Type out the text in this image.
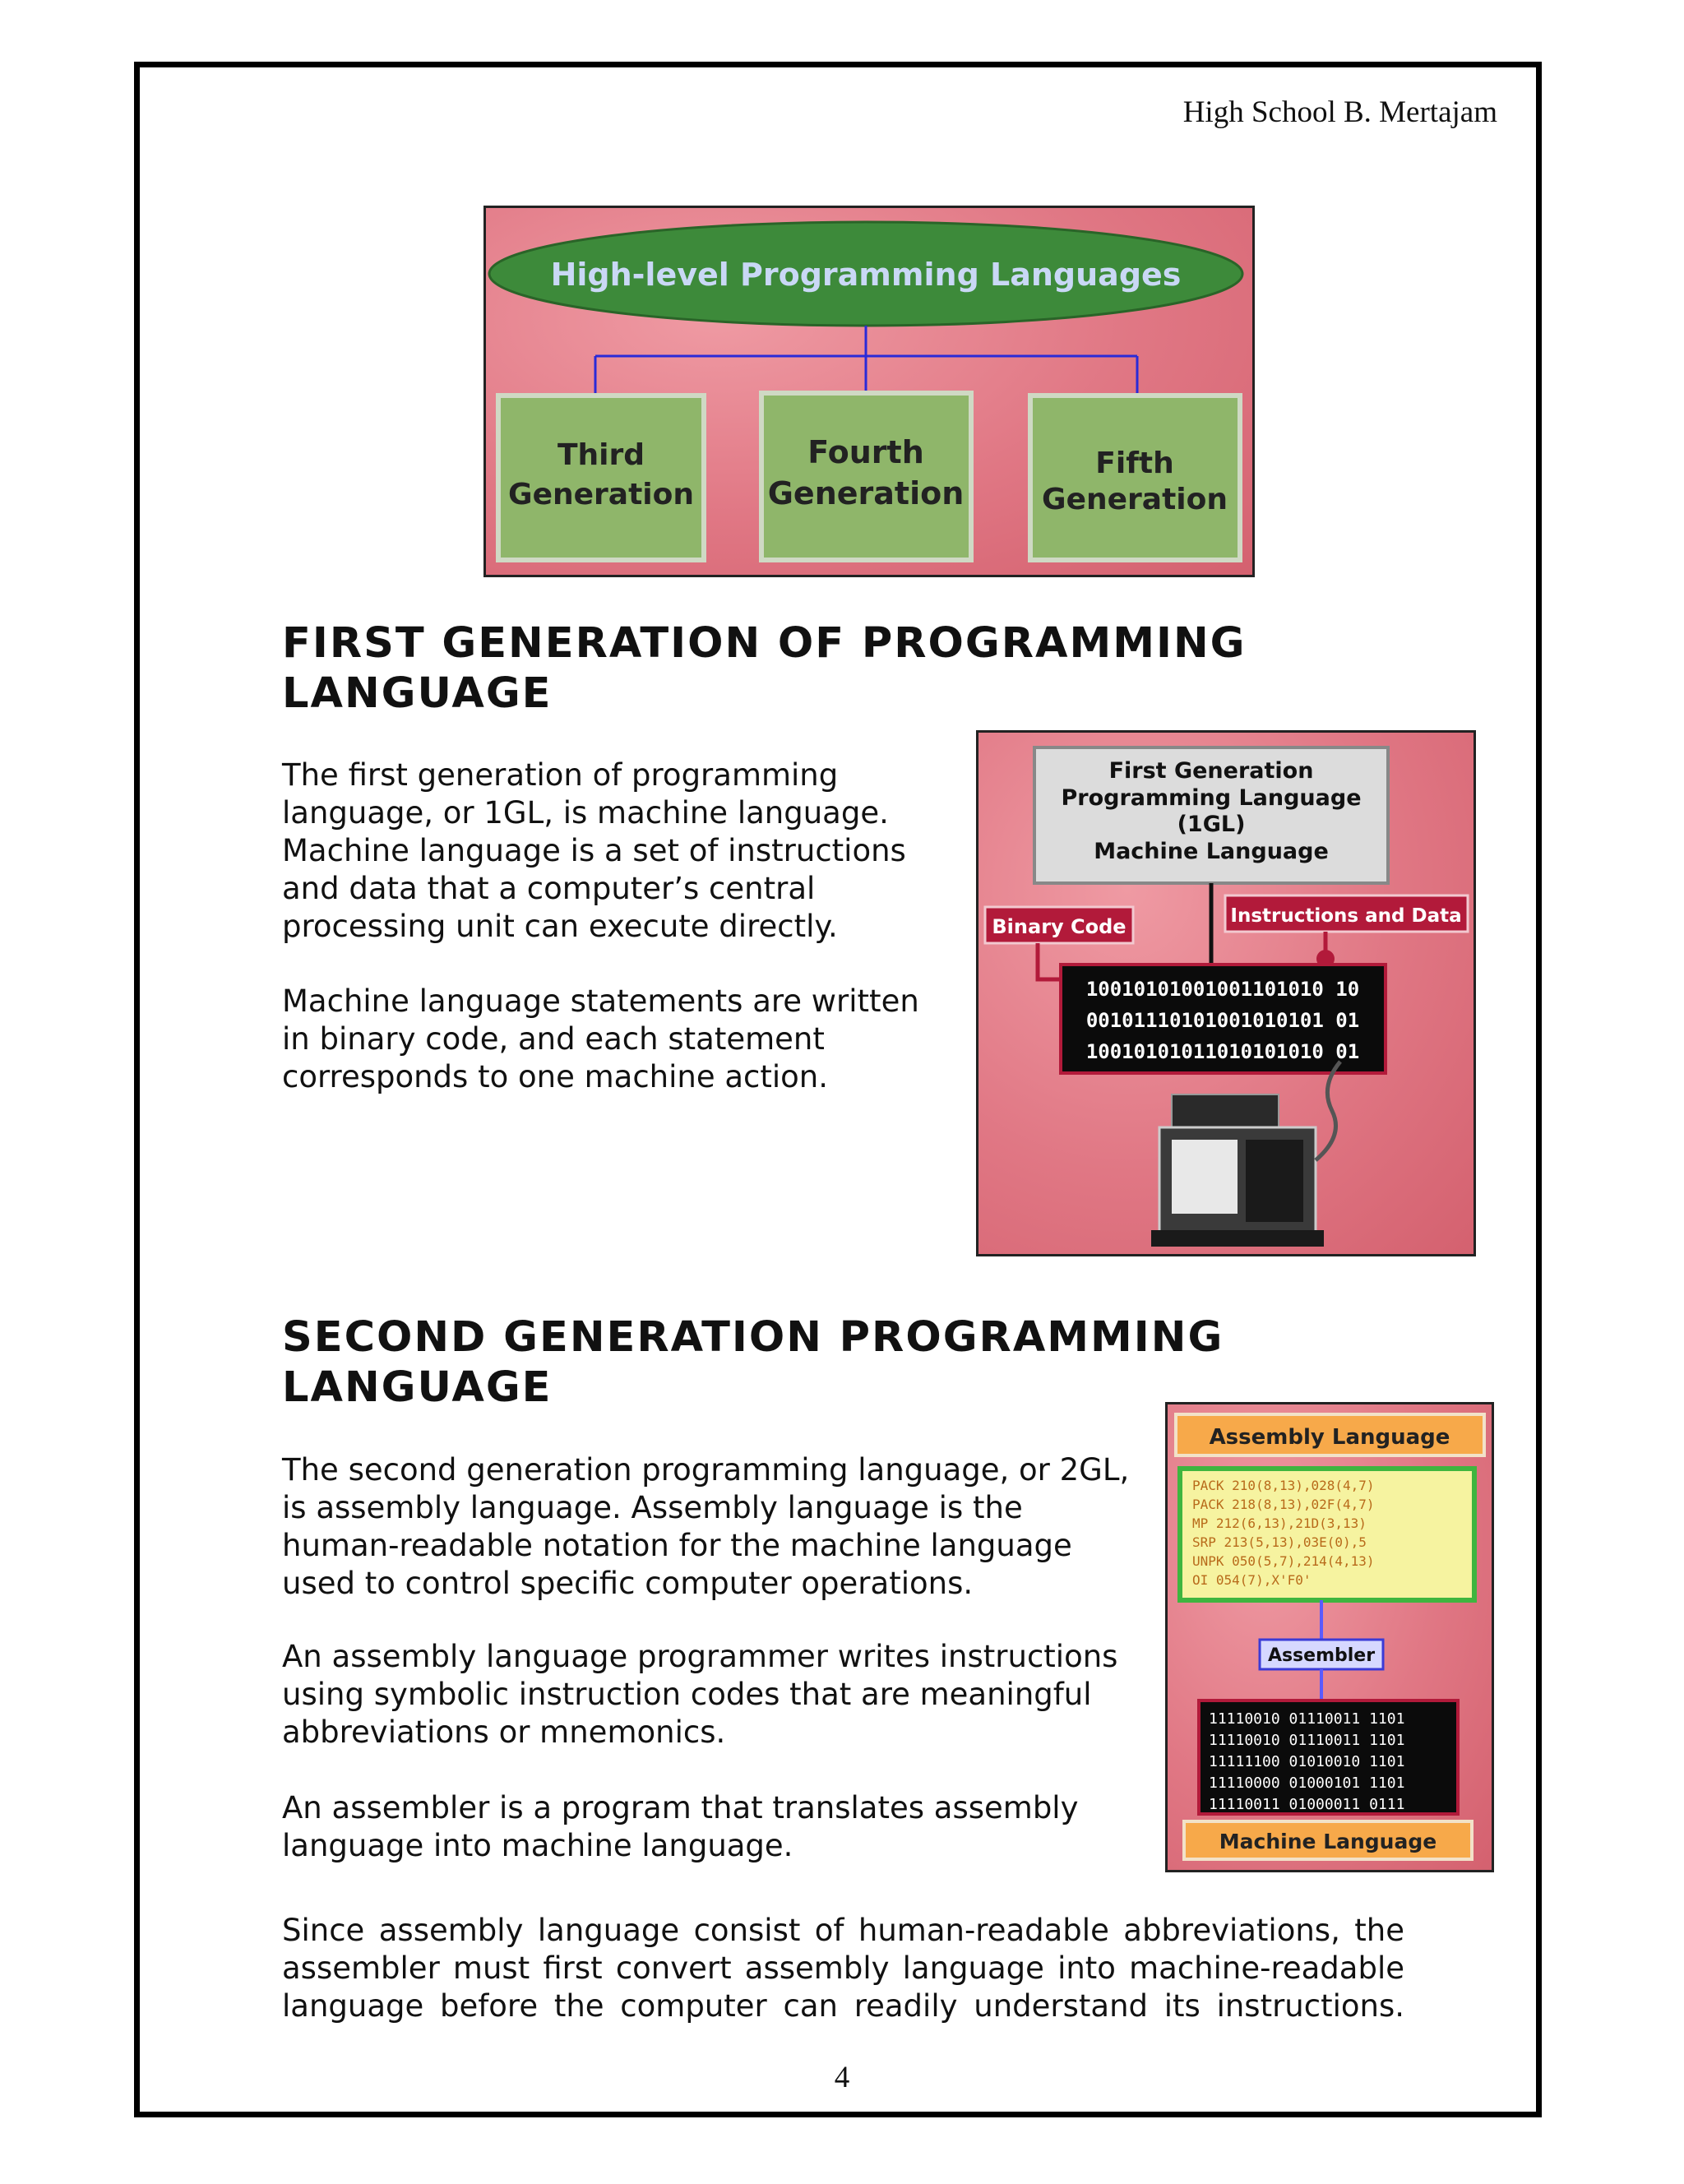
High School B. Mertajam
High-level Programming Languages
Third
Generation
Fourth
Generation
Fifth
Generation
FIRST GENERATION OF PROGRAMMING
LANGUAGE
The first generation of programming
language, or 1GL, is machine language.
Machine language is a set of instructions
and data that a computer’s central
processing unit can execute directly.
Machine language statements are written
in binary code, and each statement
corresponds to one machine action.
First Generation
Programming Language
(1GL)
Machine Language
Binary Code	Instructions and Data
10010101001001101010 10
00101110101001010101 01
10010101011010101010 01
SECOND GENERATION PROGRAMMING
LANGUAGE
The second generation programming language, or 2GL,
is assembly language. Assembly language is the
human-readable notation for the machine language
used to control specific computer operations.
An assembly language programmer writes instructions
using symbolic instruction codes that are meaningful
abbreviations or mnemonics.
An assembler is a program that translates assembly
language into machine language.
Since assembly language consist of human-readable abbreviations, the
assembler must first convert assembly language into machine-readable
language before the computer can readily understand its instructions.
Assembly Language
PACK 210(8,13),028(4,7)
PACK 218(8,13),02F(4,7)
MP 212(6,13),21D(3,13)
SRP 213(5,13),03E(0),5
UNPK 050(5,7),214(4,13)
OI 054(7),X'F0'
Assembler
11110010 01110011 1101
11110010 01110011 1101
11111100 01010010 1101
11110000 01000101 1101
11110011 01000011 0111
Machine Language
4
